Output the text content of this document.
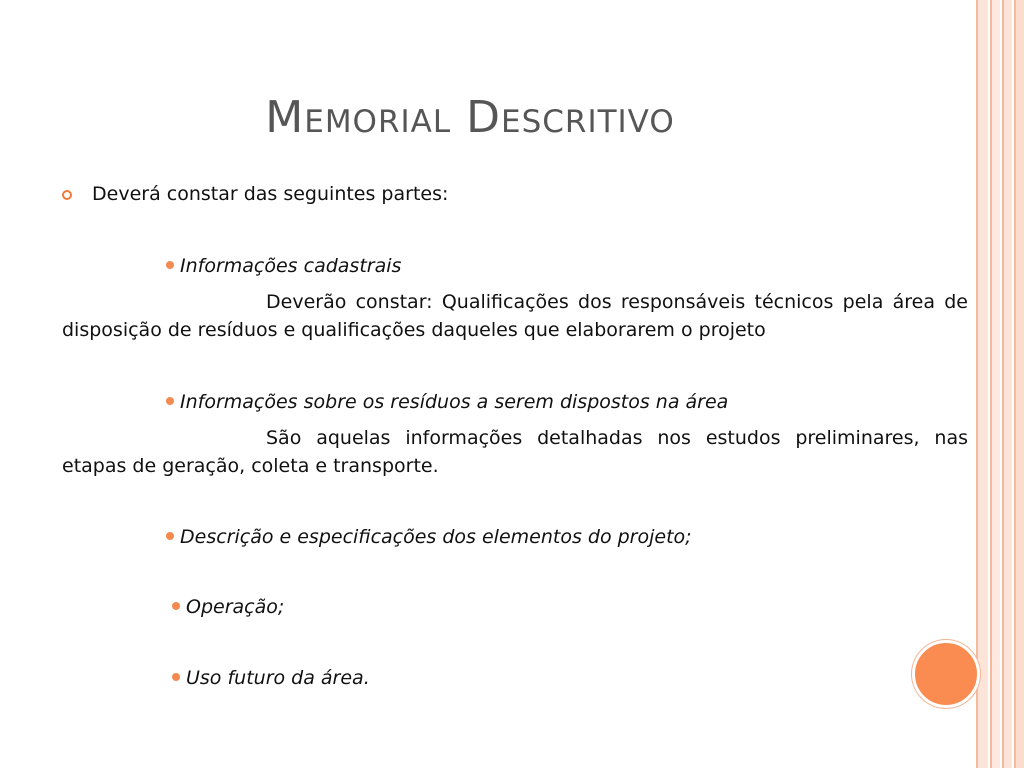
Memorial Descritivo
Deverá constar das seguintes partes:
Informações cadastrais
Deverão constar: Qualificações dos responsáveis técnicos pela área de disposição de resíduos e qualificações daqueles que elaborarem o projeto
Informações sobre os resíduos a serem dispostos na área
São aquelas informações detalhadas nos estudos preliminares, nas etapas de geração, coleta e transporte.
Descrição e especificações dos elementos do projeto;
Operação;
Uso futuro da área.
